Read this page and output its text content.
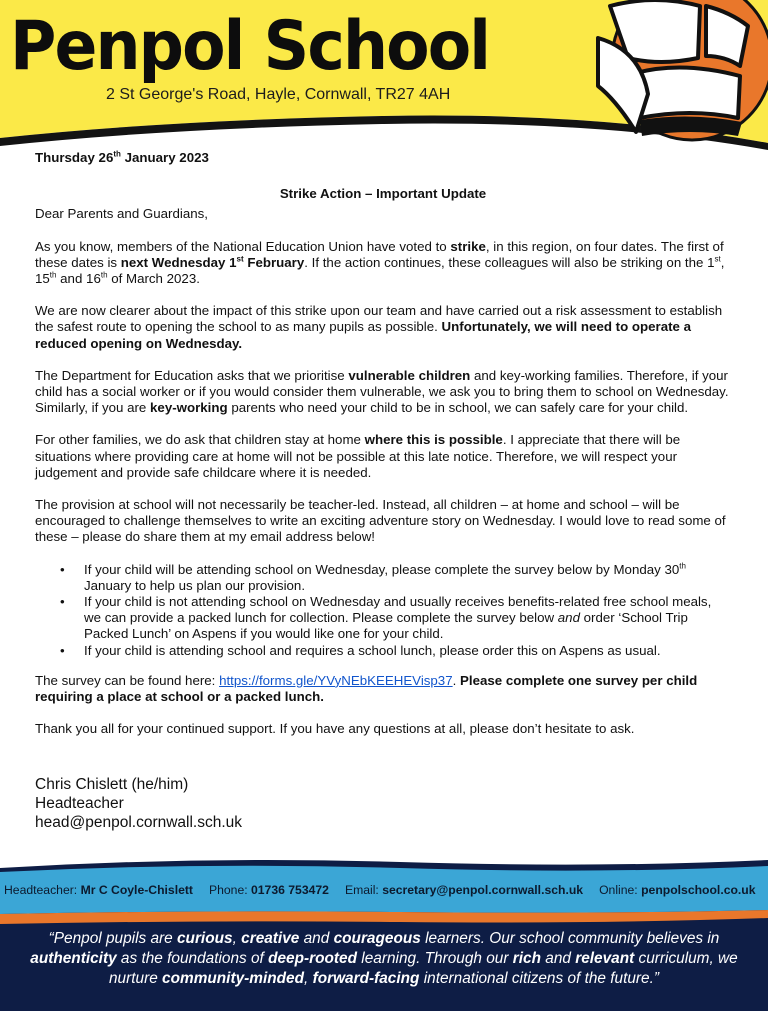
Penpol School
2 St George's Road, Hayle, Cornwall, TR27 4AH

Thursday 26th January 2023

Strike Action – Important Update

Dear Parents and Guardians,

As you know, members of the National Education Union have voted to strike, in this region, on four dates. The first of these dates is next Wednesday 1st February. If the action continues, these colleagues will also be striking on the 1st, 15th and 16th of March 2023.

We are now clearer about the impact of this strike upon our team and have carried out a risk assessment to establish the safest route to opening the school to as many pupils as possible. Unfortunately, we will need to operate a reduced opening on Wednesday.

The Department for Education asks that we prioritise vulnerable children and key-working families. Therefore, if your child has a social worker or if you would consider them vulnerable, we ask you to bring them to school on Wednesday. Similarly, if you are key-working parents who need your child to be in school, we can safely care for your child.

For other families, we do ask that children stay at home where this is possible. I appreciate that there will be situations where providing care at home will not be possible at this late notice. Therefore, we will respect your judgement and provide safe childcare where it is needed.

The provision at school will not necessarily be teacher-led. Instead, all children – at home and school – will be encouraged to challenge themselves to write an exciting adventure story on Wednesday. I would love to read some of these – please do share them at my email address below!

• If your child will be attending school on Wednesday, please complete the survey below by Monday 30th January to help us plan our provision.
• If your child is not attending school on Wednesday and usually receives benefits-related free school meals, we can provide a packed lunch for collection. Please complete the survey below and order ‘School Trip Packed Lunch’ on Aspens if you would like one for your child.
• If your child is attending school and requires a school lunch, please order this on Aspens as usual.

The survey can be found here: https://forms.gle/YVyNEbKEEHEVisp37. Please complete one survey per child requiring a place at school or a packed lunch.

Thank you all for your continued support. If you have any questions at all, please don’t hesitate to ask.

Chris Chislett (he/him)
Headteacher
head@penpol.cornwall.sch.uk

Headteacher: Mr C Coyle-Chislett Phone: 01736 753472 Email: secretary@penpol.cornwall.sch.uk Online: penpolschool.co.uk
“Penpol pupils are curious, creative and courageous learners. Our school community believes in authenticity as the foundations of deep-rooted learning. Through our rich and relevant curriculum, we nurture community-minded, forward-facing international citizens of the future.”
